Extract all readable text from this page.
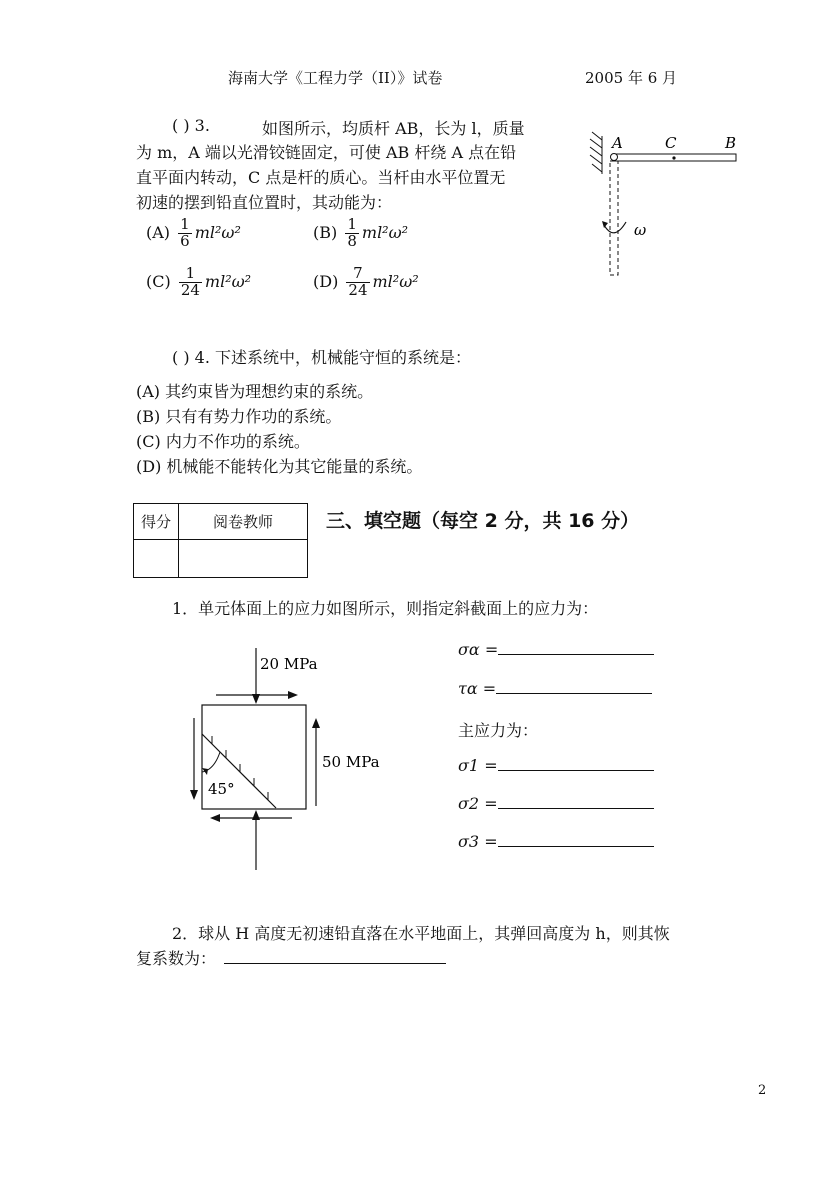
海南大学《工程力学（II）》试卷	2005 年 6 月
( ) 3.	如图所示，均质杆 AB，长为 l，质量
为 m，A 端以光滑铰链固定，可使 AB 杆绕 A 点在铅
直平面内转动，C 点是杆的质心。当杆由水平位置无
初速的摆到铅直位置时，其动能为：
$(A) \frac{1}{6} ml^2\omega^2$	$(B) \frac{1}{8} ml^2\omega^2$
$(C) \frac{1}{24} ml^2\omega^2$	$(D) \frac{7}{24} ml^2\omega^2$
A	C	B
ω
( ) 4. 下述系统中，机械能守恒的系统是：
(A) 其约束皆为理想约束的系统。
(B) 只有有势力作功的系统。
(C) 内力不作功的系统。
(D) 机械能不能转化为其它能量的系统。
得分	阅卷教师
		三、填空题（每空 2 分，共 16 分）
1．单元体面上的应力如图所示，则指定斜截面上的应力为：
20 MPa
50 MPa
45°
σα =
τα =
主应力为：
σ1 =
σ2 =
σ3 =
2．球从 H 高度无初速铅直落在水平地面上，其弹回高度为 h，则其恢
复系数为：
2
